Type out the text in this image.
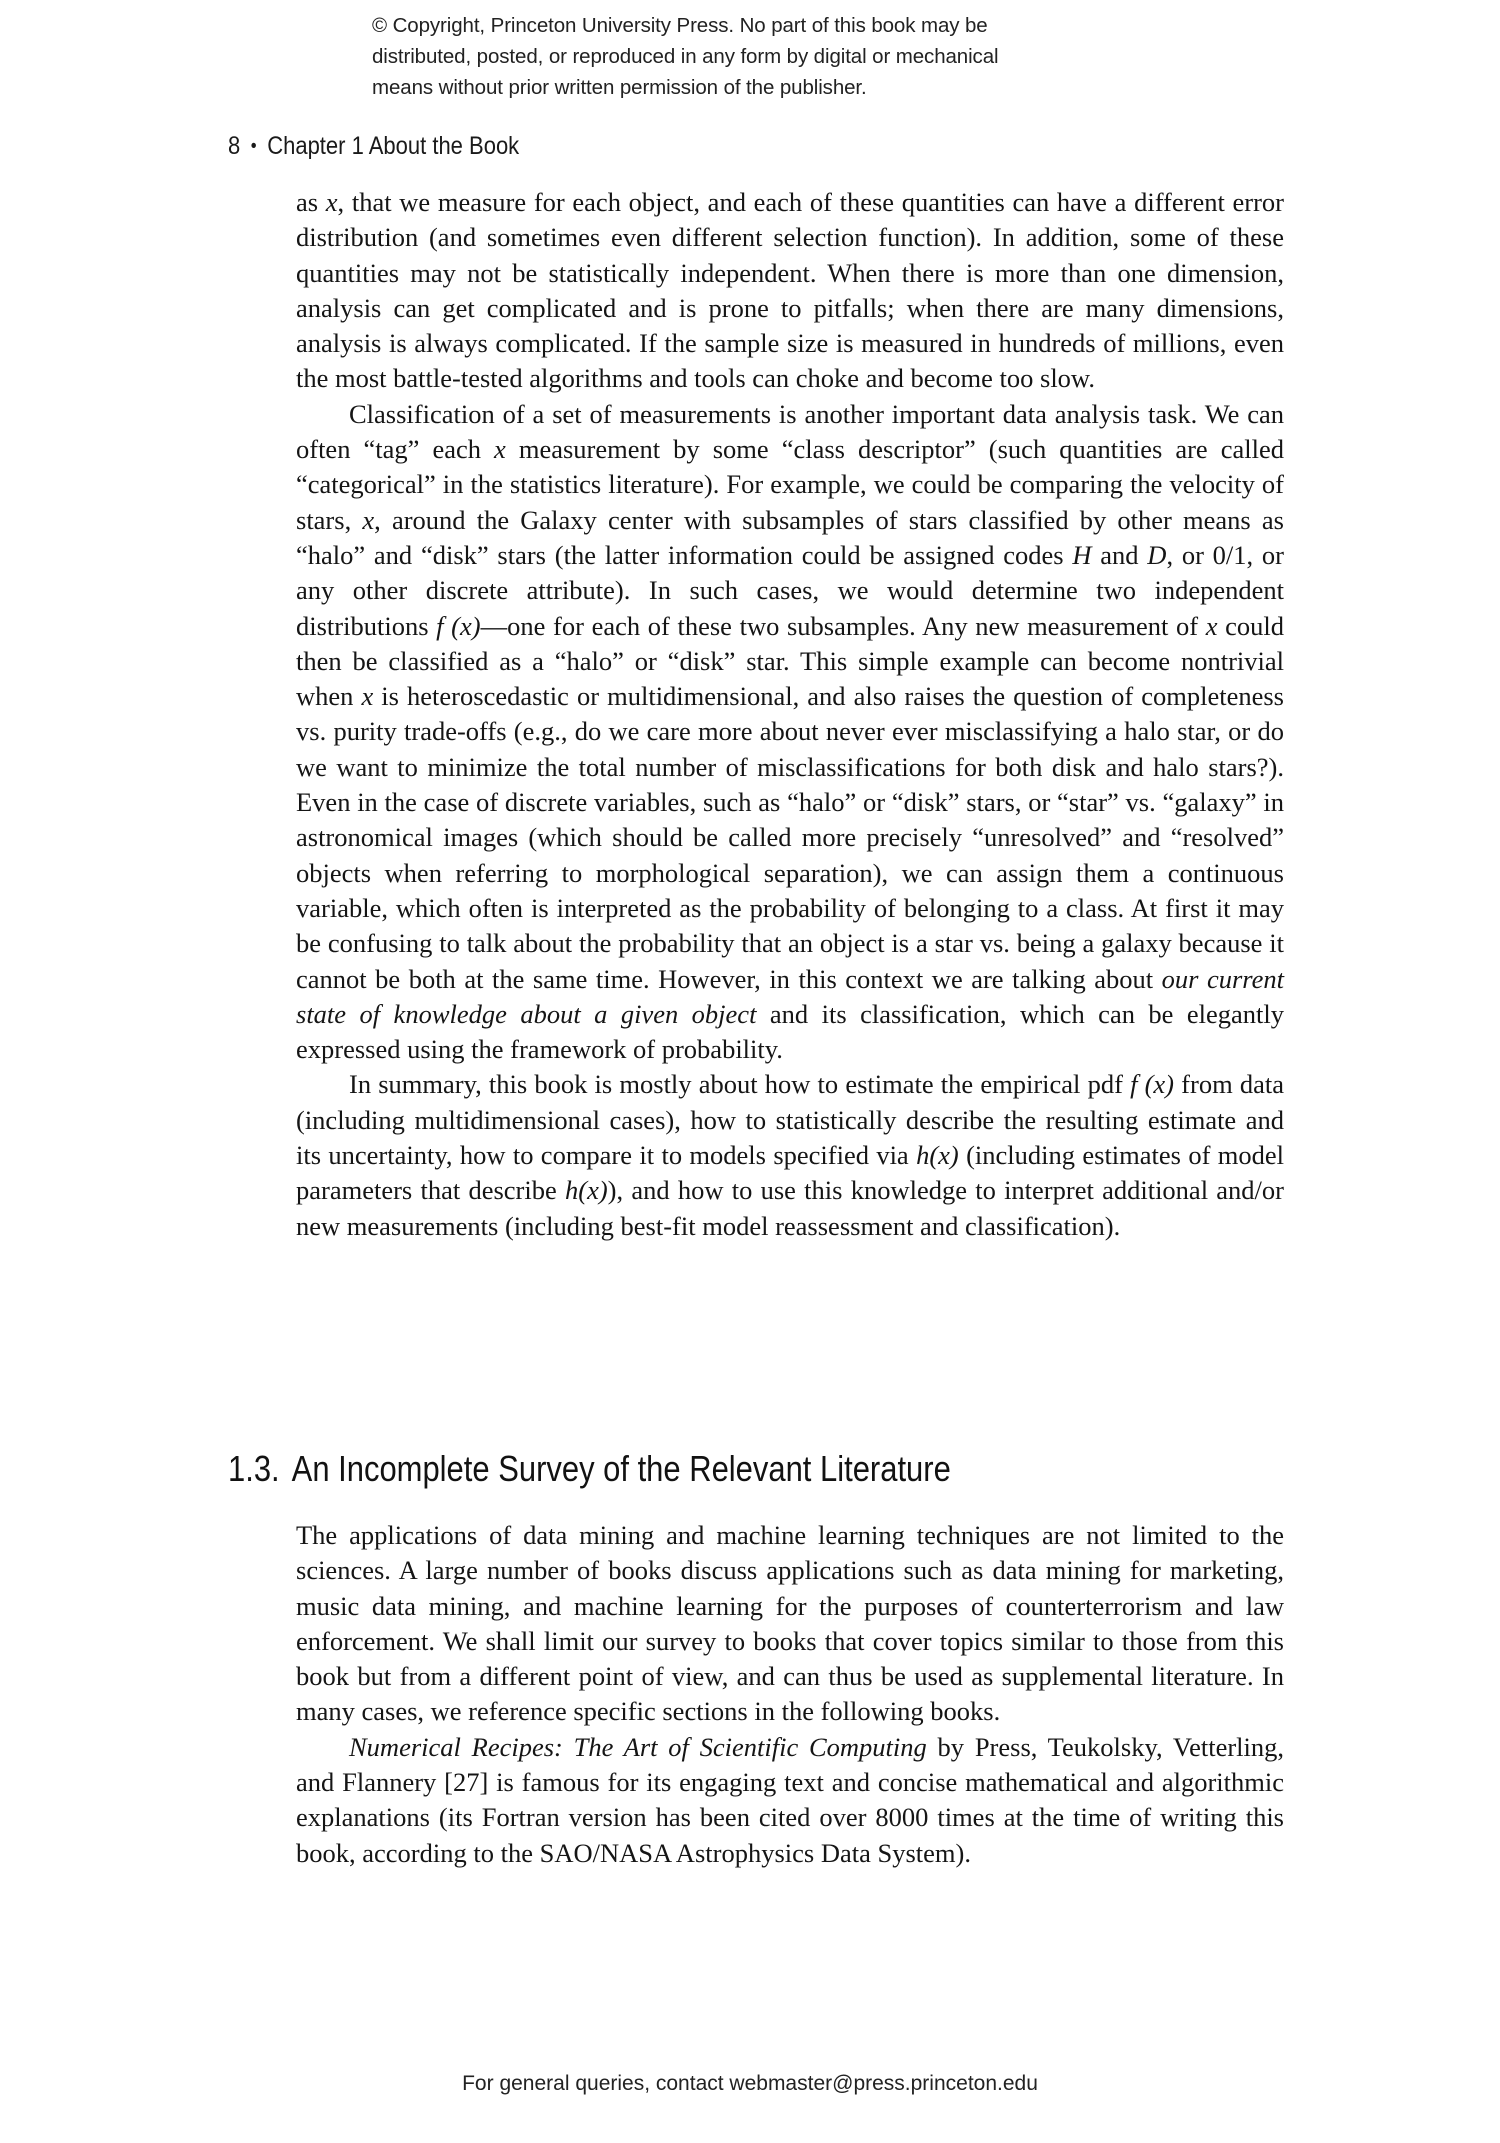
© Copyright, Princeton University Press. No part of this book may be
distributed, posted, or reproduced in any form by digital or mechanical
means without prior written permission of the publisher.
8 • Chapter 1 About the Book

as x, that we measure for each object, and each of these quantities can have a different error distribution (and sometimes even different selection function). In addition, some of these quantities may not be statistically independent. When there is more than one dimension, analysis can get complicated and is prone to pitfalls; when there are many dimensions, analysis is always complicated. If the sample size is measured in hundreds of millions, even the most battle-tested algorithms and tools can choke and become too slow.

Classification of a set of measurements is another important data analysis task. We can often “tag” each x measurement by some “class descriptor” (such quantities are called “categorical” in the statistics literature). For example, we could be comparing the velocity of stars, x, around the Galaxy center with subsamples of stars classified by other means as “halo” and “disk” stars (the latter information could be assigned codes H and D, or 0/1, or any other discrete attribute). In such cases, we would determine two independent distributions f (x)—one for each of these two subsamples. Any new measurement of x could then be classified as a “halo” or “disk” star. This simple example can become nontrivial when x is heteroscedastic or multidimensional, and also raises the question of completeness vs. purity trade-offs (e.g., do we care more about never ever misclassifying a halo star, or do we want to minimize the total number of misclassifications for both disk and halo stars?). Even in the case of discrete variables, such as “halo” or “disk” stars, or “star” vs. “galaxy” in astronomical images (which should be called more precisely “unresolved” and “resolved” objects when referring to morphological separation), we can assign them a continuous variable, which often is interpreted as the probability of belonging to a class. At first it may be confusing to talk about the probability that an object is a star vs. being a galaxy because it cannot be both at the same time. However, in this context we are talking about our current state of knowledge about a given object and its classification, which can be elegantly expressed using the framework of probability.

In summary, this book is mostly about how to estimate the empirical pdf f (x) from data (including multidimensional cases), how to statistically describe the resulting estimate and its uncertainty, how to compare it to models specified via h(x) (including estimates of model parameters that describe h(x)), and how to use this knowledge to interpret additional and/or new measurements (including best-fit model reassessment and classification).

1.3. An Incomplete Survey of the Relevant Literature

The applications of data mining and machine learning techniques are not limited to the sciences. A large number of books discuss applications such as data mining for marketing, music data mining, and machine learning for the purposes of counterterrorism and law enforcement. We shall limit our survey to books that cover topics similar to those from this book but from a different point of view, and can thus be used as supplemental literature. In many cases, we reference specific sections in the following books.

Numerical Recipes: The Art of Scientific Computing by Press, Teukolsky, Vetterling, and Flannery [27] is famous for its engaging text and concise mathematical and algorithmic explanations (its Fortran version has been cited over 8000 times at the time of writing this book, according to the SAO/NASA Astrophysics Data System).

For general queries, contact webmaster@press.princeton.edu
